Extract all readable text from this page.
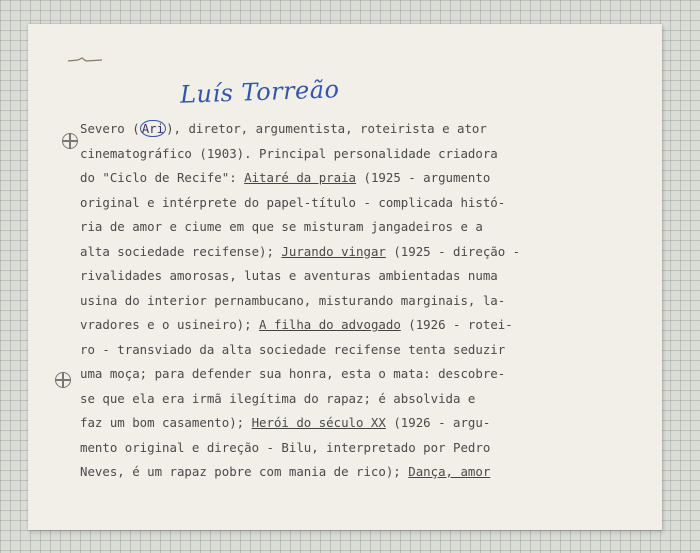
Luís Torreão
Severo ( Ari ), diretor, argumentista, roteirista e ator
cinematográfico (1903). Principal personalidade criadora
do "Ciclo de Recife": Aitaré da praia (1925 - argumento
original e intérprete do papel-título - complicada histó-
ria de amor e ciume em que se misturam jangadeiros e a
alta sociedade recifense); Jurando vingar (1925 - direção -
rivalidades amorosas, lutas e aventuras ambientadas numa
usina do interior pernambucano, misturando marginais, la-
vradores e o usineiro); A filha do advogado (1926 - rotei-
ro - transviado da alta sociedade recifense tenta seduzir
uma moça; para defender sua honra, esta o mata: descobre-
se que ela era irmã ilegítima do rapaz; é absolvida e
faz um bom casamento); Herói do século XX (1926 - argu-
mento original e direção - Bilu, interpretado por Pedro
Neves, é um rapaz pobre com mania de rico); Dança, amor
